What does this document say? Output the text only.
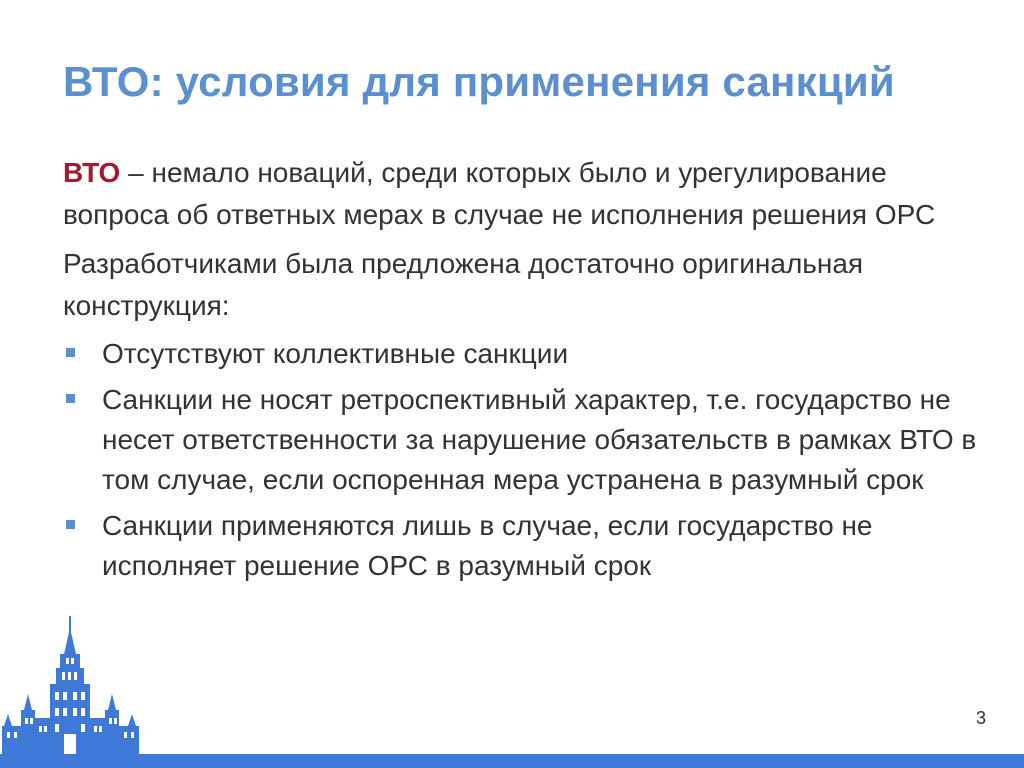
ВТО: условия для применения санкций

ВТО – немало новаций, среди которых было и урегулирование вопроса об ответных мерах в случае не исполнения решения ОРС

Разработчиками была предложена достаточно оригинальная конструкция:

Отсутствуют коллективные санкции
Санкции не носят ретроспективный характер, т.е. государство не несет ответственности за нарушение обязательств в рамках ВТО в том случае, если оспоренная мера устранена в разумный срок
Санкции применяются лишь в случае, если государство не исполняет решение ОРС в разумный срок
3
